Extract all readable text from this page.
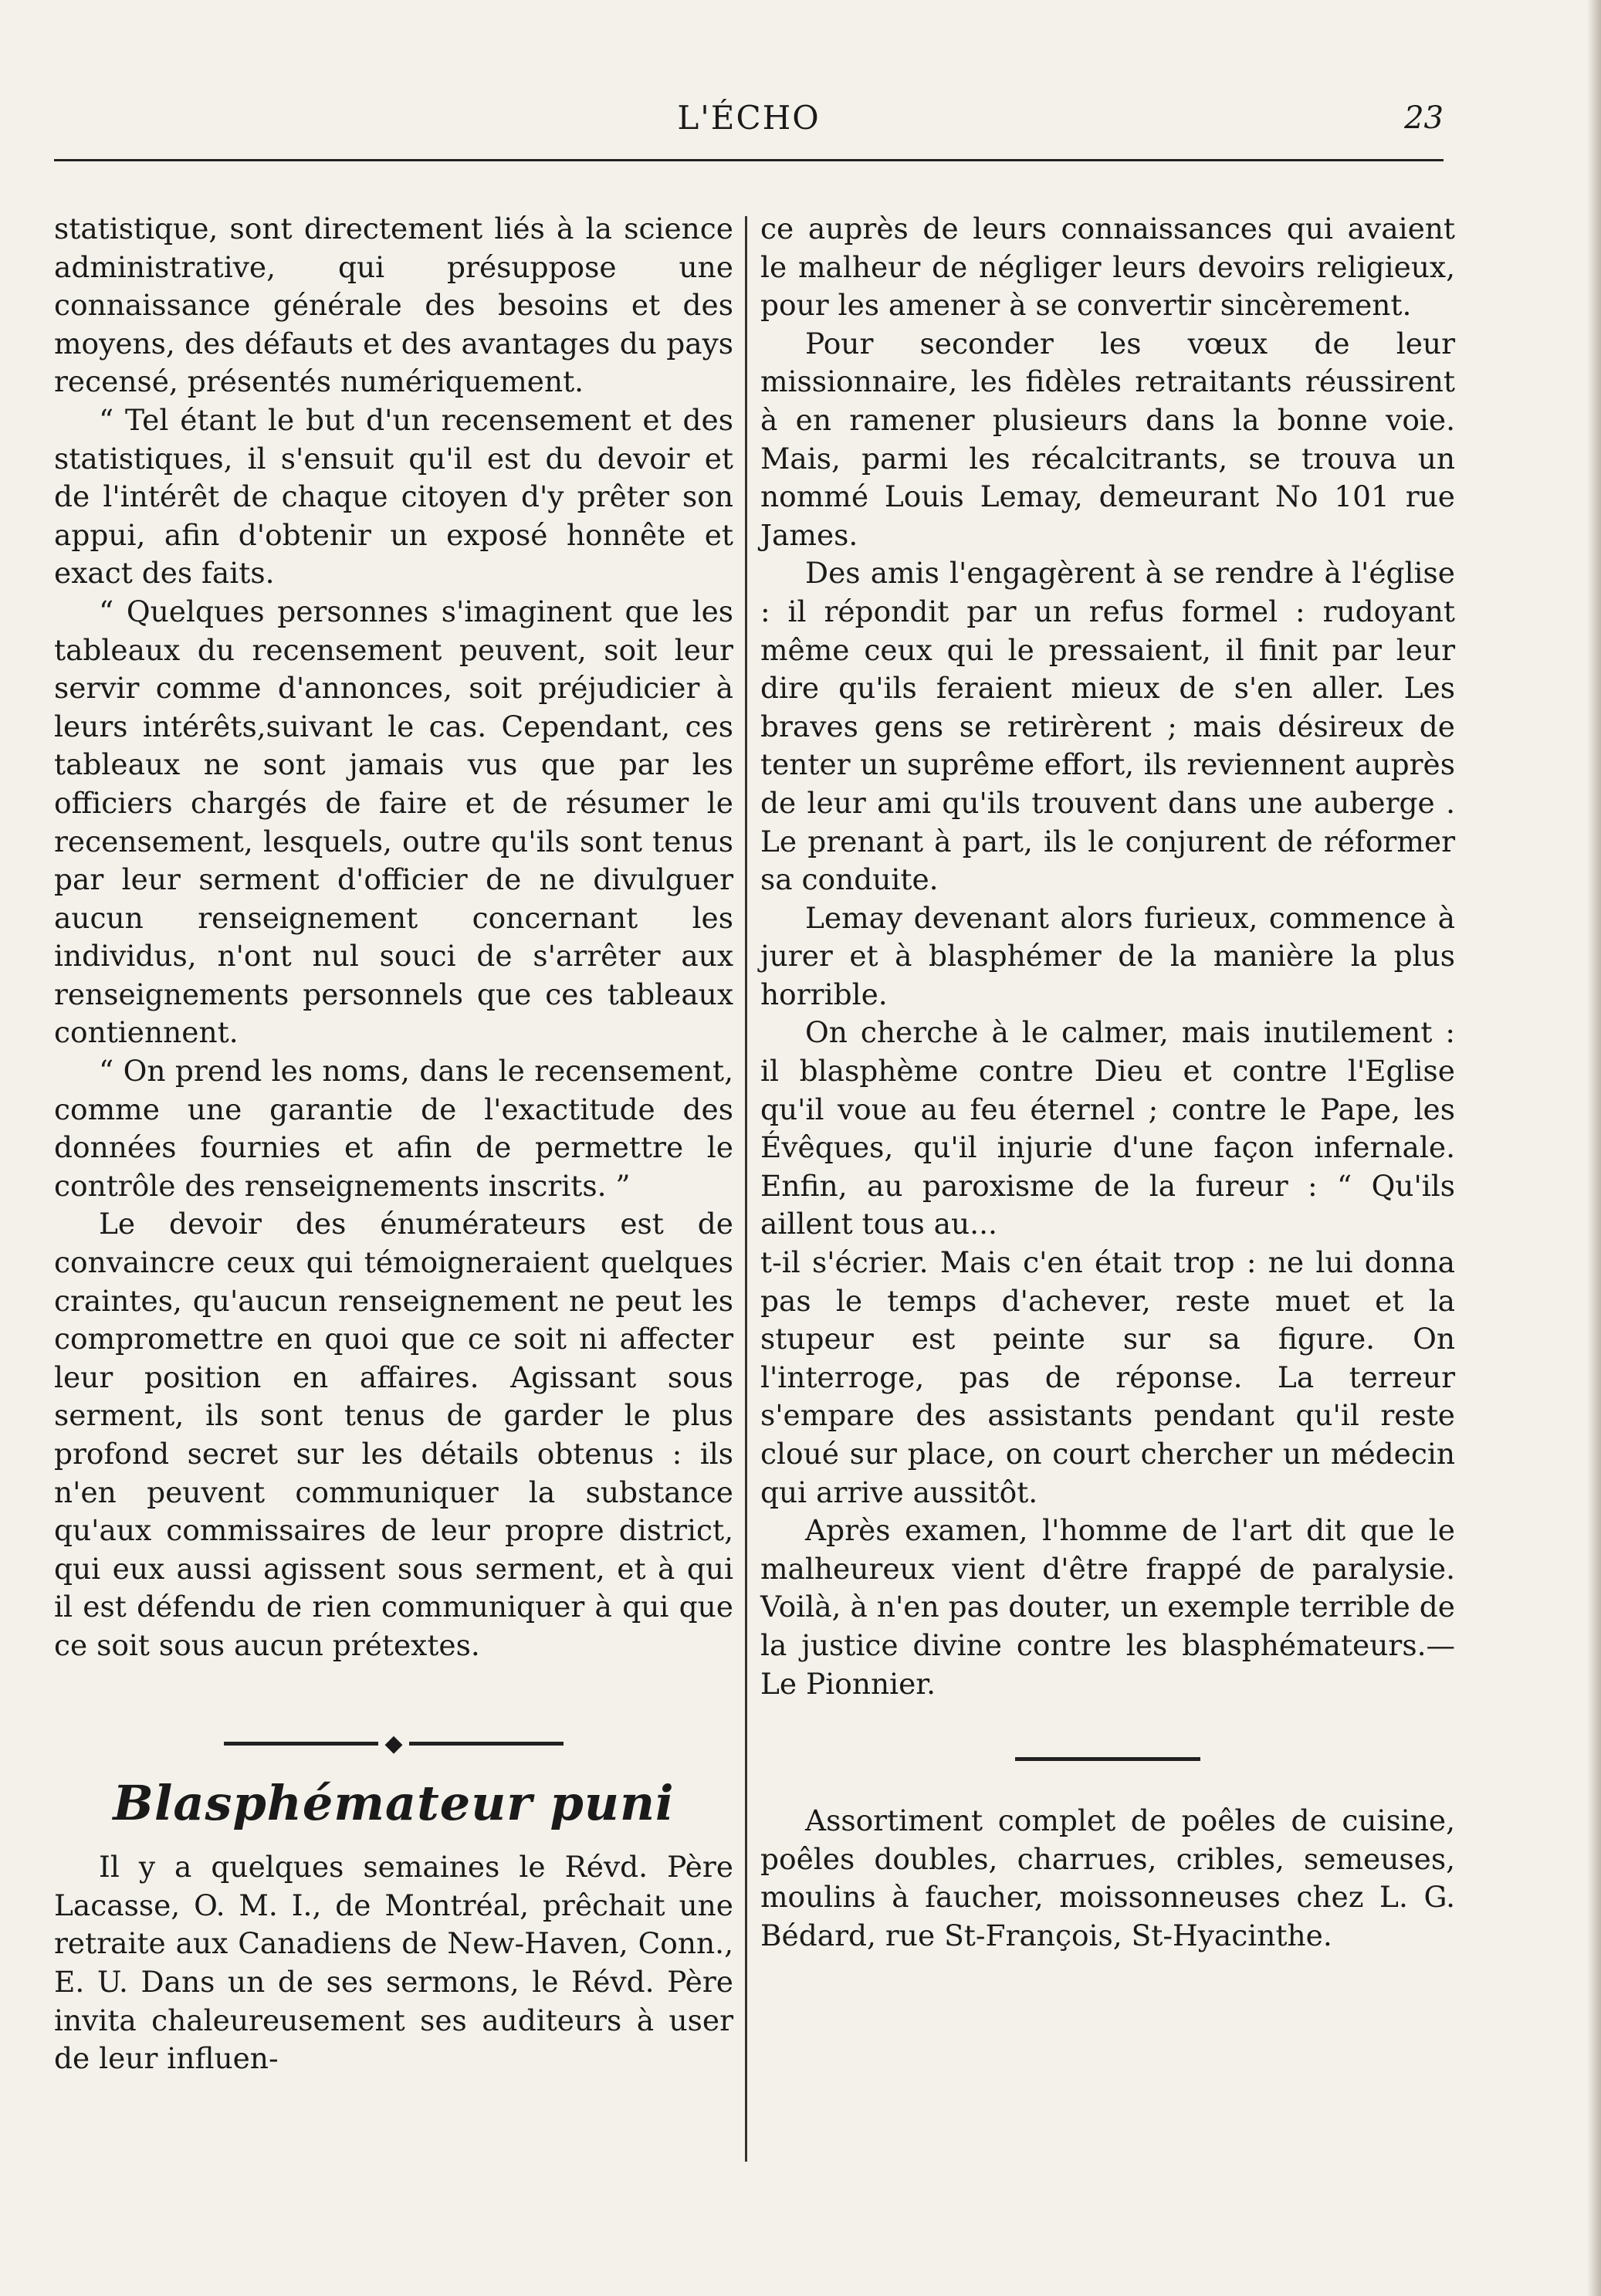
L'ÉCHO	23

statistique, sont directement liés à la science administrative, qui présuppose une connaissance générale des besoins et des moyens, des défauts et des avantages du pays recensé, présentés numériquement.

“ Tel étant le but d'un recensement et des statistiques, il s'ensuit qu'il est du devoir et de l'intérêt de chaque citoyen d'y prêter son appui, afin d'obtenir un exposé honnête et exact des faits.

“ Quelques personnes s'imaginent que les tableaux du recensement peuvent, soit leur servir comme d'annonces, soit préjudicier à leurs intérêts,suivant le cas. Cependant, ces tableaux ne sont jamais vus que par les officiers chargés de faire et de résumer le recensement, lesquels, outre qu'ils sont tenus par leur serment d'officier de ne divulguer aucun renseignement concernant les individus, n'ont nul souci de s'arrêter aux renseignements personnels que ces tableaux contiennent.

“ On prend les noms, dans le recensement, comme une garantie de l'exactitude des données fournies et afin de permettre le contrôle des renseignements inscrits. ”

Le devoir des énumérateurs est de convaincre ceux qui témoigneraient quelques craintes, qu'aucun renseignement ne peut les compromettre en quoi que ce soit ni affecter leur position en affaires. Agissant sous serment, ils sont tenus de garder le plus profond secret sur les détails obtenus : ils n'en peuvent communiquer la substance qu'aux commissaires de leur propre district, qui eux aussi agissent sous serment, et à qui il est défendu de rien communiquer à qui que ce soit sous aucun prétextes.

◆
Blasphémateur puni

Il y a quelques semaines le Révd. Père Lacasse, O. M. I., de Montréal, prêchait une retraite aux Canadiens de New-Haven, Conn., E. U. Dans un de ses sermons, le Révd. Père invita chaleureusement ses auditeurs à user de leur influen-

ce auprès de leurs connaissances qui avaient le malheur de négliger leurs devoirs religieux, pour les amener à se convertir sincèrement.

Pour seconder les vœux de leur missionnaire, les fidèles retraitants réussirent à en ramener plusieurs dans la bonne voie. Mais, parmi les récalcitrants, se trouva un nommé Louis Lemay, demeurant No 101 rue James.

Des amis l'engagèrent à se rendre à l'église : il répondit par un refus formel : rudoyant même ceux qui le pressaient, il finit par leur dire qu'ils feraient mieux de s'en aller. Les braves gens se retirèrent ; mais désireux de tenter un suprême effort, ils reviennent auprès de leur ami qu'ils trouvent dans une auberge . Le prenant à part, ils le conjurent de réformer sa conduite.

Lemay devenant alors furieux, commence à jurer et à blasphémer de la manière la plus horrible.

On cherche à le calmer, mais inutilement : il blasphème contre Dieu et contre l'Eglise qu'il voue au feu éternel ; contre le Pape, les Évêques, qu'il injurie d'une façon infernale. Enfin, au paroxisme de la fureur : “ Qu'ils aillent tous au...

t-il s'écrier. Mais c'en était trop : ne lui donna pas le temps d'achever, reste muet et la stupeur est peinte sur sa figure. On l'interroge, pas de réponse. La terreur s'empare des assistants pendant qu'il reste cloué sur place, on court chercher un médecin qui arrive aussitôt.

Après examen, l'homme de l'art dit que le malheureux vient d'être frappé de paralysie. Voilà, à n'en pas douter, un exemple terrible de la justice divine contre les blasphémateurs.—Le Pionnier.

Assortiment complet de poêles de cuisine, poêles doubles, charrues, cribles, semeuses, moulins à faucher, moissonneuses chez L. G. Bédard, rue St-François, St-Hyacinthe.
